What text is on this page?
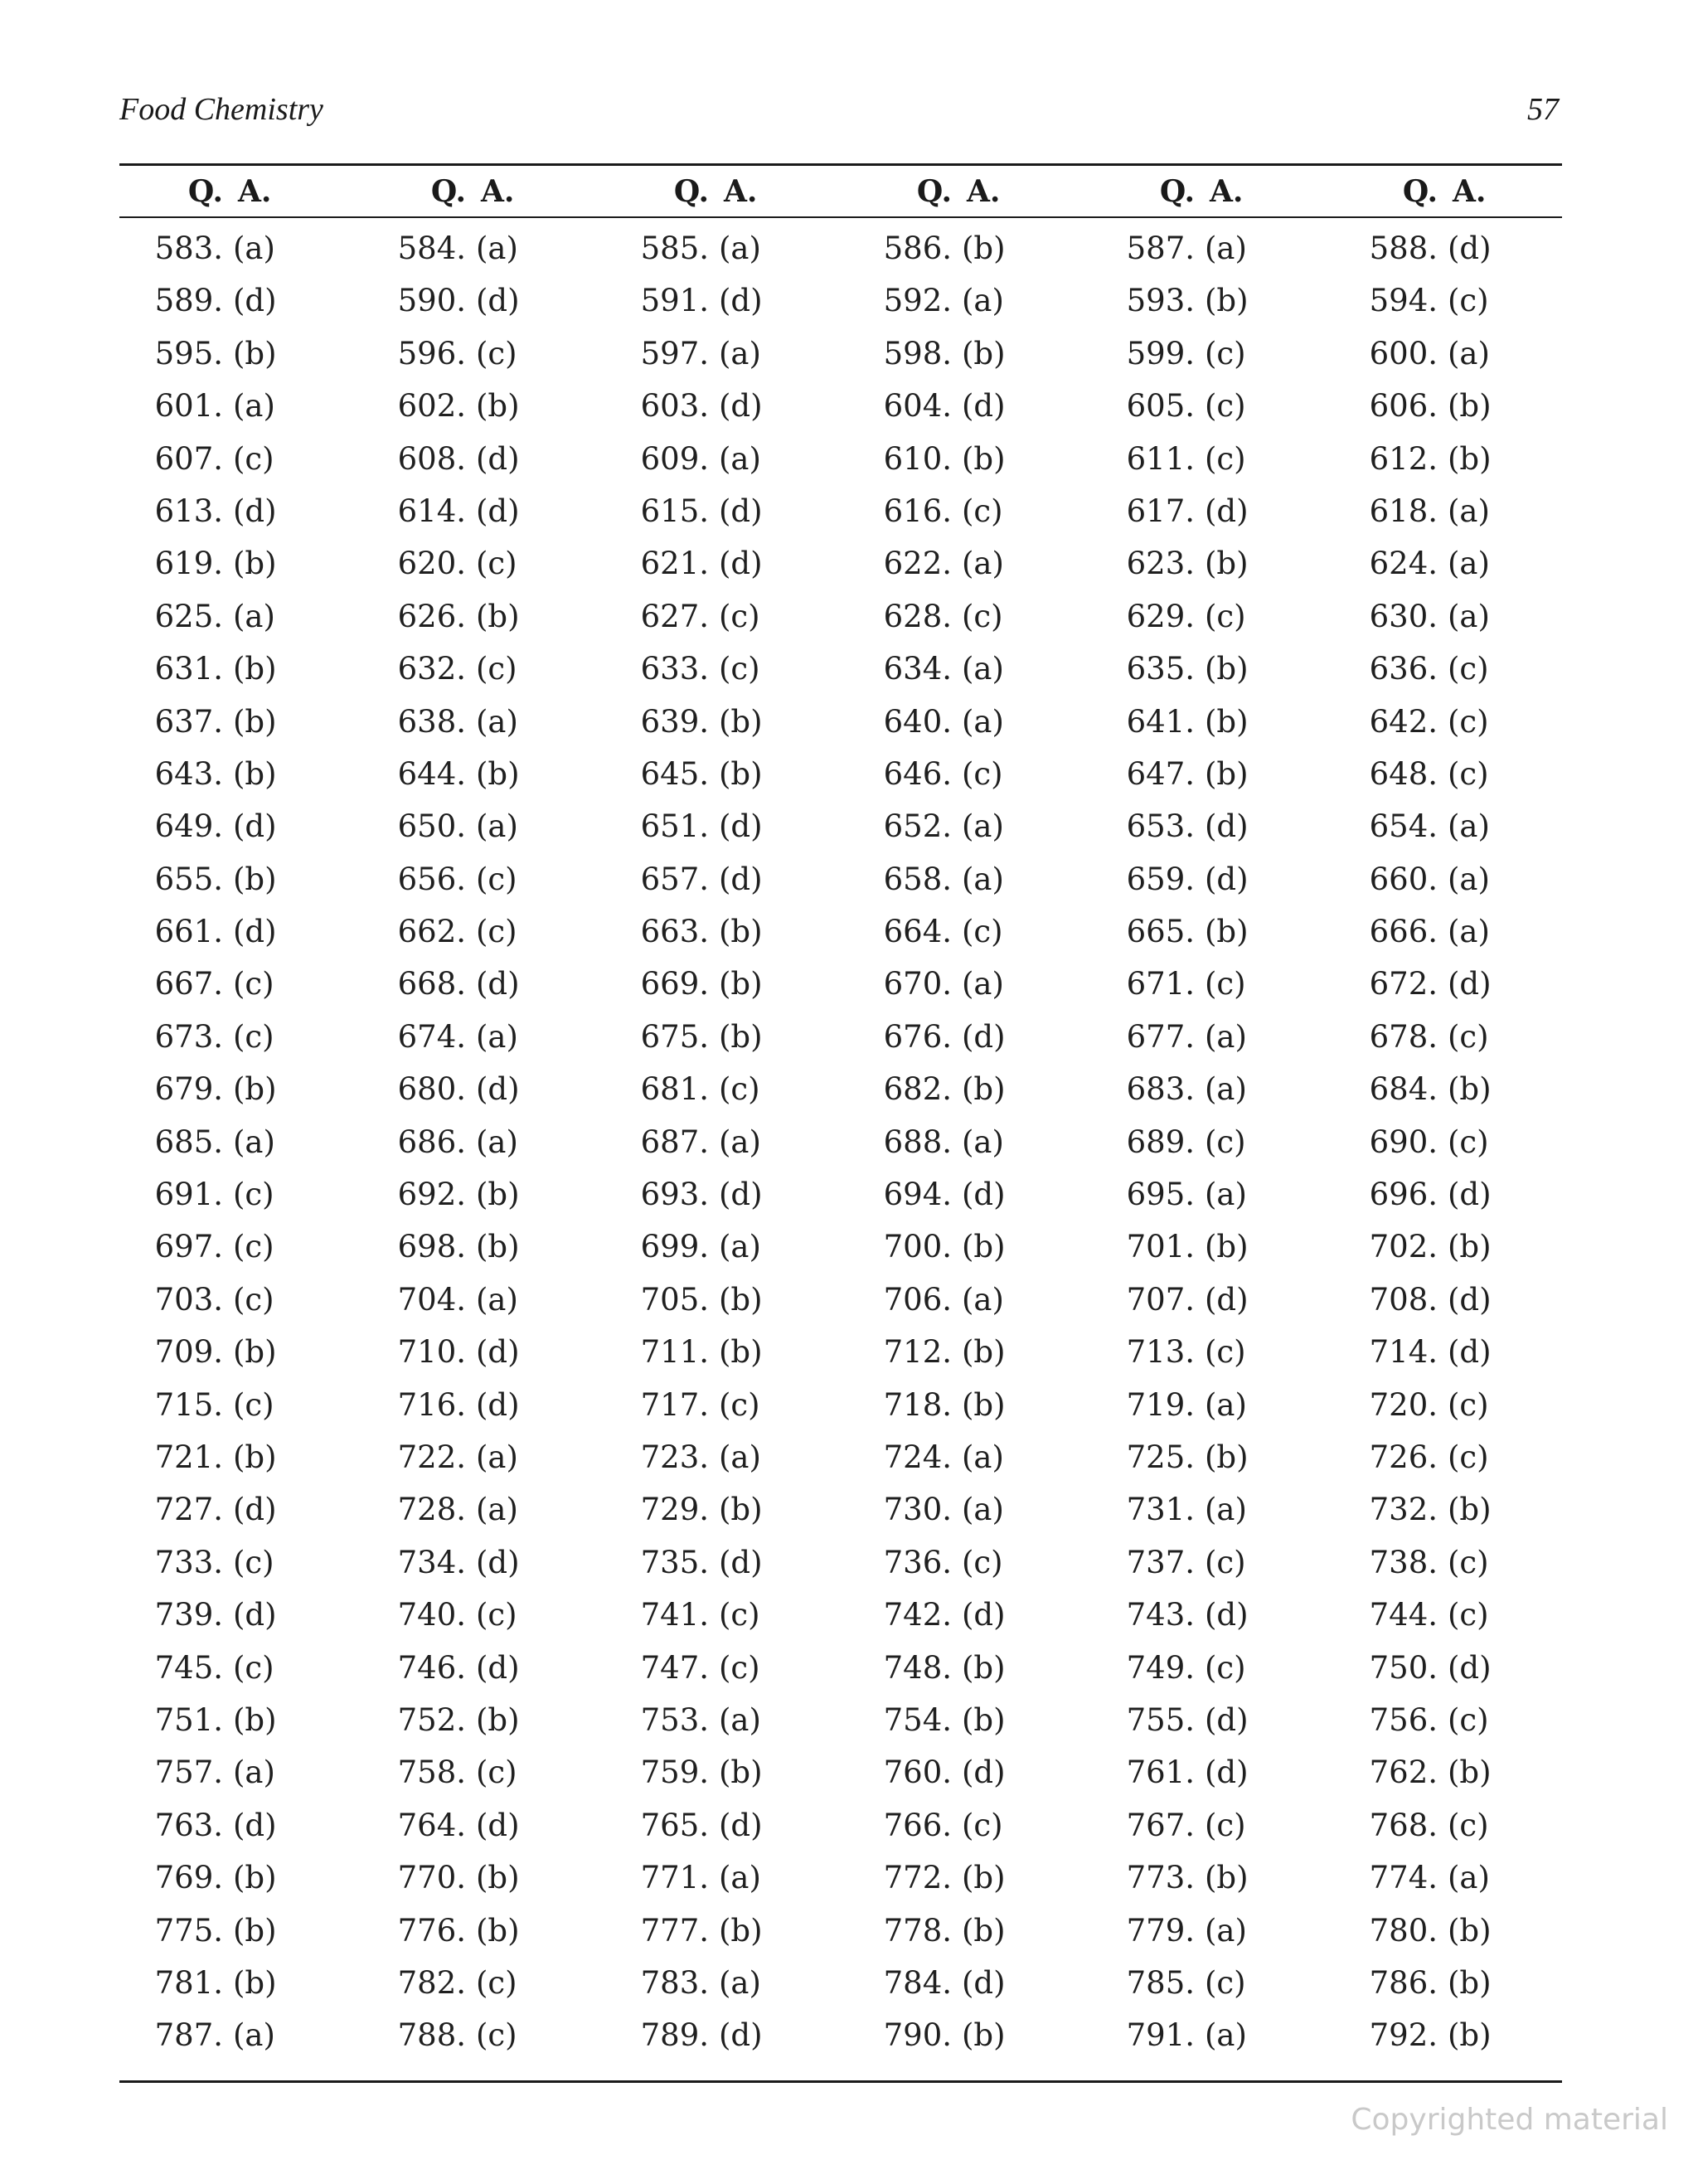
Food Chemistry	57
Q. A.	Q. A.	Q. A.	Q. A.	Q. A.	Q. A.
583. (a)	584. (a)	585. (a)	586. (b)	587. (a)	588. (d)
589. (d)	590. (d)	591. (d)	592. (a)	593. (b)	594. (c)
595. (b)	596. (c)	597. (a)	598. (b)	599. (c)	600. (a)
601. (a)	602. (b)	603. (d)	604. (d)	605. (c)	606. (b)
607. (c)	608. (d)	609. (a)	610. (b)	611. (c)	612. (b)
613. (d)	614. (d)	615. (d)	616. (c)	617. (d)	618. (a)
619. (b)	620. (c)	621. (d)	622. (a)	623. (b)	624. (a)
625. (a)	626. (b)	627. (c)	628. (c)	629. (c)	630. (a)
631. (b)	632. (c)	633. (c)	634. (a)	635. (b)	636. (c)
637. (b)	638. (a)	639. (b)	640. (a)	641. (b)	642. (c)
643. (b)	644. (b)	645. (b)	646. (c)	647. (b)	648. (c)
649. (d)	650. (a)	651. (d)	652. (a)	653. (d)	654. (a)
655. (b)	656. (c)	657. (d)	658. (a)	659. (d)	660. (a)
661. (d)	662. (c)	663. (b)	664. (c)	665. (b)	666. (a)
667. (c)	668. (d)	669. (b)	670. (a)	671. (c)	672. (d)
673. (c)	674. (a)	675. (b)	676. (d)	677. (a)	678. (c)
679. (b)	680. (d)	681. (c)	682. (b)	683. (a)	684. (b)
685. (a)	686. (a)	687. (a)	688. (a)	689. (c)	690. (c)
691. (c)	692. (b)	693. (d)	694. (d)	695. (a)	696. (d)
697. (c)	698. (b)	699. (a)	700. (b)	701. (b)	702. (b)
703. (c)	704. (a)	705. (b)	706. (a)	707. (d)	708. (d)
709. (b)	710. (d)	711. (b)	712. (b)	713. (c)	714. (d)
715. (c)	716. (d)	717. (c)	718. (b)	719. (a)	720. (c)
721. (b)	722. (a)	723. (a)	724. (a)	725. (b)	726. (c)
727. (d)	728. (a)	729. (b)	730. (a)	731. (a)	732. (b)
733. (c)	734. (d)	735. (d)	736. (c)	737. (c)	738. (c)
739. (d)	740. (c)	741. (c)	742. (d)	743. (d)	744. (c)
745. (c)	746. (d)	747. (c)	748. (b)	749. (c)	750. (d)
751. (b)	752. (b)	753. (a)	754. (b)	755. (d)	756. (c)
757. (a)	758. (c)	759. (b)	760. (d)	761. (d)	762. (b)
763. (d)	764. (d)	765. (d)	766. (c)	767. (c)	768. (c)
769. (b)	770. (b)	771. (a)	772. (b)	773. (b)	774. (a)
775. (b)	776. (b)	777. (b)	778. (b)	779. (a)	780. (b)
781. (b)	782. (c)	783. (a)	784. (d)	785. (c)	786. (b)
787. (a)	788. (c)	789. (d)	790. (b)	791. (a)	792. (b)
Copyrighted material
